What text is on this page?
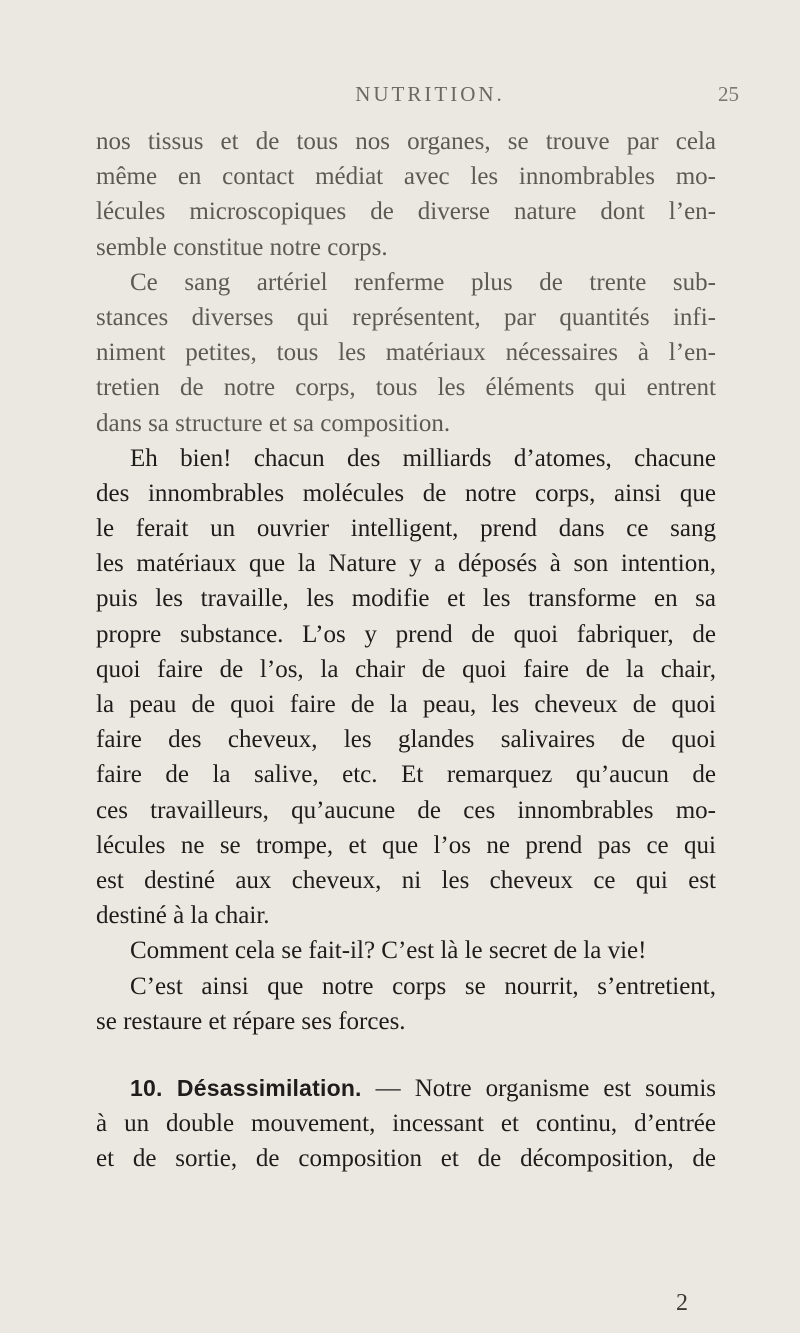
NUTRITION.	25
nos tissus et de tous nos organes, se trouve par cela
même en contact médiat avec les innombrables mo-
lécules microscopiques de diverse nature dont l’en-
semble constitue notre corps.
Ce sang artériel renferme plus de trente sub-
stances diverses qui représentent, par quantités infi-
niment petites, tous les matériaux nécessaires à l’en-
tretien de notre corps, tous les éléments qui entrent
dans sa structure et sa composition.
Eh bien! chacun des milliards d’atomes, chacune
des innombrables molécules de notre corps, ainsi que
le ferait un ouvrier intelligent, prend dans ce sang
les matériaux que la Nature y a déposés à son intention,
puis les travaille, les modifie et les transforme en sa
propre substance. L’os y prend de quoi fabriquer, de
quoi faire de l’os, la chair de quoi faire de la chair,
la peau de quoi faire de la peau, les cheveux de quoi
faire des cheveux, les glandes salivaires de quoi
faire de la salive, etc. Et remarquez qu’aucun de
ces travailleurs, qu’aucune de ces innombrables mo-
lécules ne se trompe, et que l’os ne prend pas ce qui
est destiné aux cheveux, ni les cheveux ce qui est
destiné à la chair.
Comment cela se fait-il? C’est là le secret de la vie!
C’est ainsi que notre corps se nourrit, s’entretient,
se restaure et répare ses forces.
10. Désassimilation. — Notre organisme est soumis
à un double mouvement, incessant et continu, d’entrée
et de sortie, de composition et de décomposition, de
2
